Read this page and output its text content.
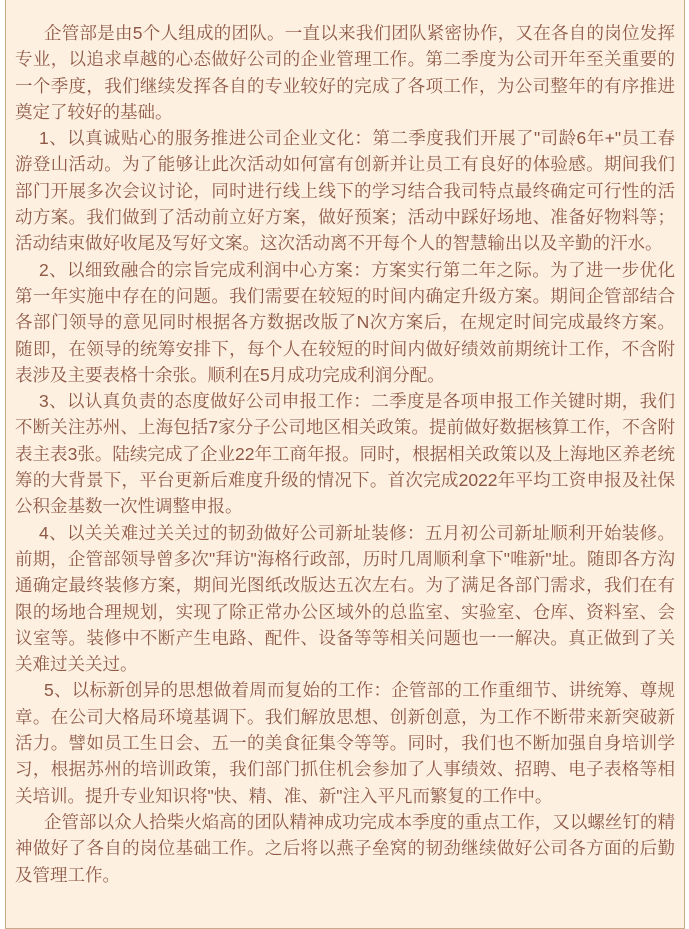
企管部是由5个人组成的团队。一直以来我们团队紧密协作，又在各自的岗位发挥专业，以追求卓越的心态做好公司的企业管理工作。第二季度为公司开年至关重要的一个季度，我们继续发挥各自的专业较好的完成了各项工作，为公司整年的有序推进奠定了较好的基础。

1、以真诚贴心的服务推进公司企业文化：第二季度我们开展了"司龄6年+"员工春游登山活动。为了能够让此次活动如何富有创新并让员工有良好的体验感。期间我们部门开展多次会议讨论，同时进行线上线下的学习结合我司特点最终确定可行性的活动方案。我们做到了活动前立好方案，做好预案；活动中踩好场地、准备好物料等；活动结束做好收尾及写好文案。这次活动离不开每个人的智慧输出以及辛勤的汗水。

2、以细致融合的宗旨完成利润中心方案：方案实行第二年之际。为了进一步优化第一年实施中存在的问题。我们需要在较短的时间内确定升级方案。期间企管部结合各部门领导的意见同时根据各方数据改版了N次方案后，在规定时间完成最终方案。随即，在领导的统筹安排下，每个人在较短的时间内做好绩效前期统计工作，不含附表涉及主要表格十余张。顺利在5月成功完成利润分配。

3、以认真负责的态度做好公司申报工作：二季度是各项申报工作关键时期，我们不断关注苏州、上海包括7家分子公司地区相关政策。提前做好数据核算工作，不含附表主表3张。陆续完成了企业22年工商年报。同时，根据相关政策以及上海地区养老统筹的大背景下，平台更新后难度升级的情况下。首次完成2022年平均工资申报及社保公积金基数一次性调整申报。

4、以关关难过关关过的韧劲做好公司新址装修：五月初公司新址顺利开始装修。前期，企管部领导曾多次"拜访"海格行政部，历时几周顺利拿下"唯新"址。随即各方沟通确定最终装修方案，期间光图纸改版达五次左右。为了满足各部门需求，我们在有限的场地合理规划，实现了除正常办公区域外的总监室、实验室、仓库、资料室、会议室等。装修中不断产生电路、配件、设备等等相关问题也一一解决。真正做到了关关难过关关过。

5、以标新创异的思想做着周而复始的工作：企管部的工作重细节、讲统筹、尊规章。在公司大格局环境基调下。我们解放思想、创新创意，为工作不断带来新突破新活力。譬如员工生日会、五一的美食征集令等等。同时，我们也不断加强自身培训学习，根据苏州的培训政策，我们部门抓住机会参加了人事绩效、招聘、电子表格等相关培训。提升专业知识将"快、精、准、新"注入平凡而繁复的工作中。

企管部以众人拾柴火焰高的团队精神成功完成本季度的重点工作，又以螺丝钉的精神做好了各自的岗位基础工作。之后将以燕子垒窝的韧劲继续做好公司各方面的后勤及管理工作。
